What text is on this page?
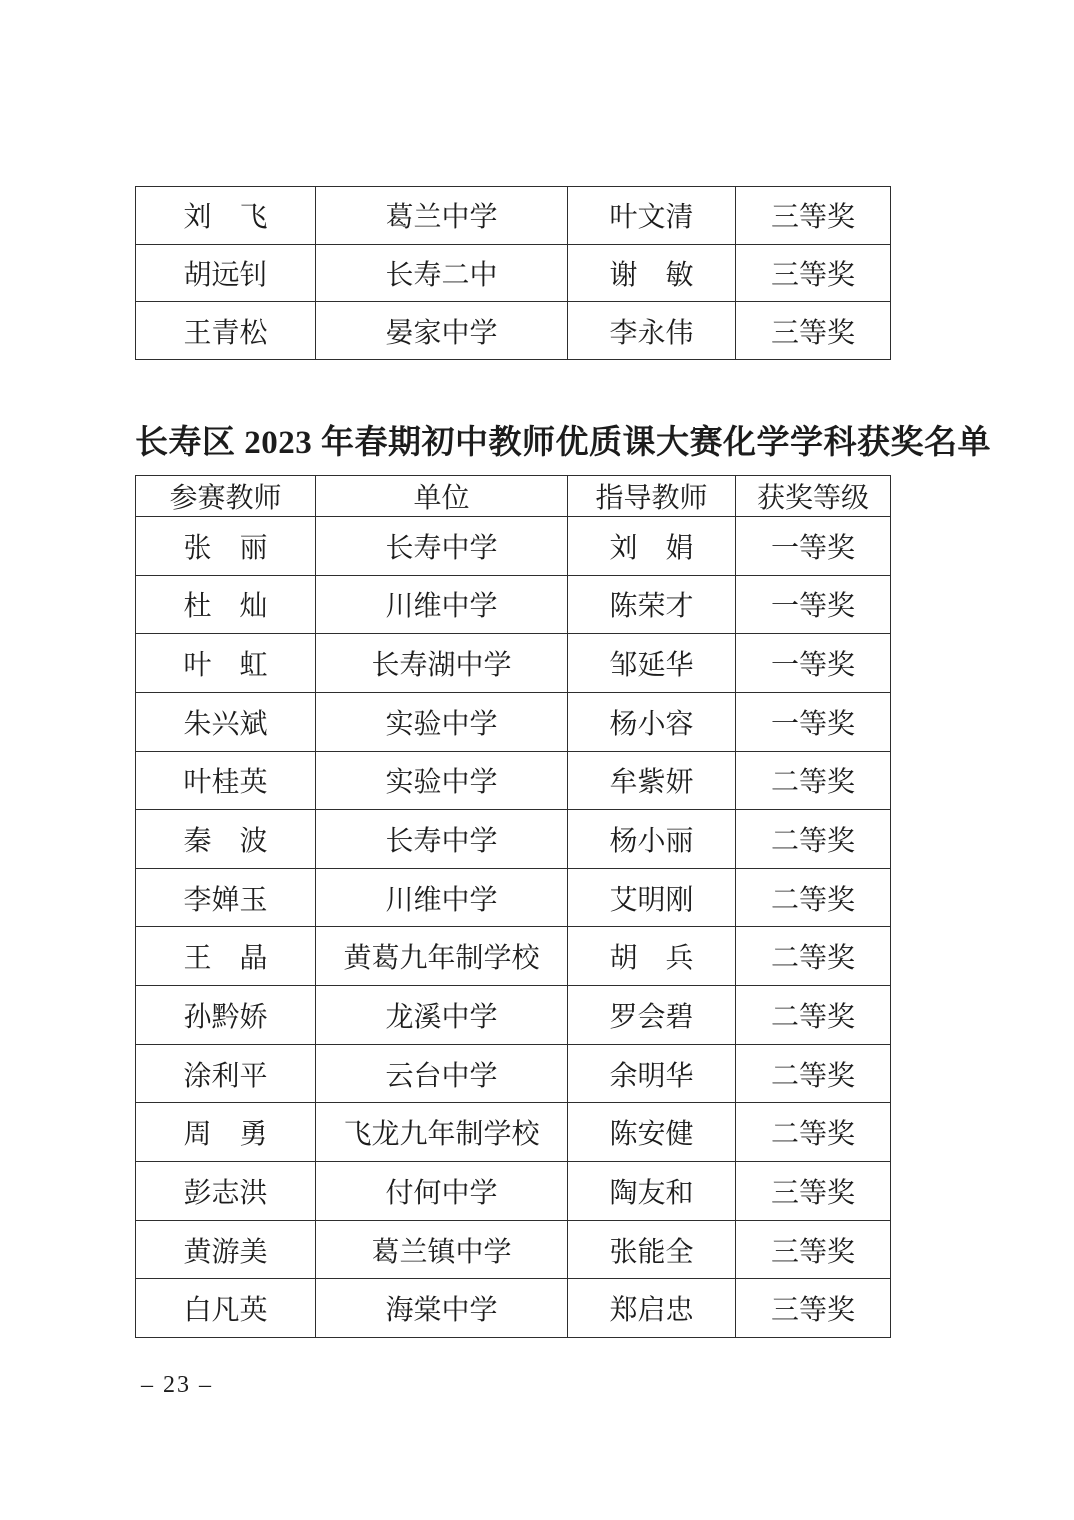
刘　飞	葛兰中学	叶文清	三等奖
胡远钊	长寿二中	谢　敏	三等奖
王青松	晏家中学	李永伟	三等奖
长寿区 2023 年春期初中教师优质课大赛化学学科获奖名单
参赛教师	单位	指导教师	获奖等级
张　丽	长寿中学	刘　娟	一等奖
杜　灿	川维中学	陈荣才	一等奖
叶　虹	长寿湖中学	邹延华	一等奖
朱兴斌	实验中学	杨小容	一等奖
叶桂英	实验中学	牟紫妍	二等奖
秦　波	长寿中学	杨小丽	二等奖
李婵玉	川维中学	艾明刚	二等奖
王　晶	黄葛九年制学校	胡　兵	二等奖
孙黔娇	龙溪中学	罗会碧	二等奖
涂利平	云台中学	余明华	二等奖
周　勇	飞龙九年制学校	陈安健	二等奖
彭志洪	付何中学	陶友和	三等奖
黄游美	葛兰镇中学	张能全	三等奖
白凡英	海棠中学	郑启忠	三等奖
– 23 –
